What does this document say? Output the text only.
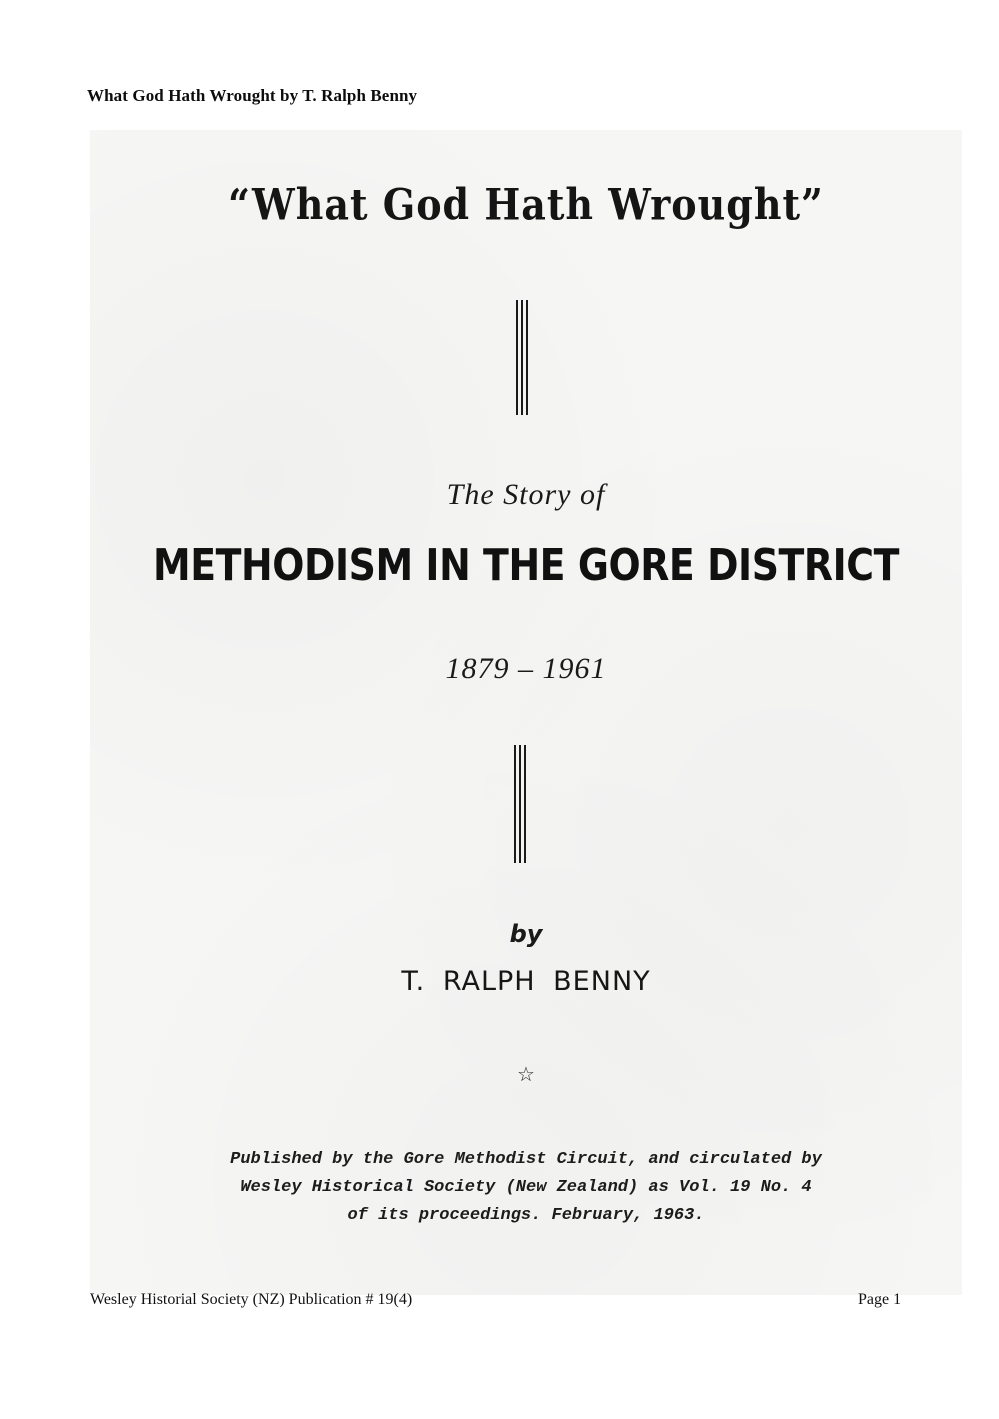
What God Hath Wrought by T. Ralph Benny
“What God Hath Wrought”
The Story of
METHODISM IN THE GORE DISTRICT
1879 – 1961
by
T. RALPH BENNY
☆
Published by the Gore Methodist Circuit, and circulated by
Wesley Historical Society (New Zealand) as Vol. 19 No. 4
of its proceedings. February, 1963.
Wesley Historial Society (NZ) Publication # 19(4)	Page 1
